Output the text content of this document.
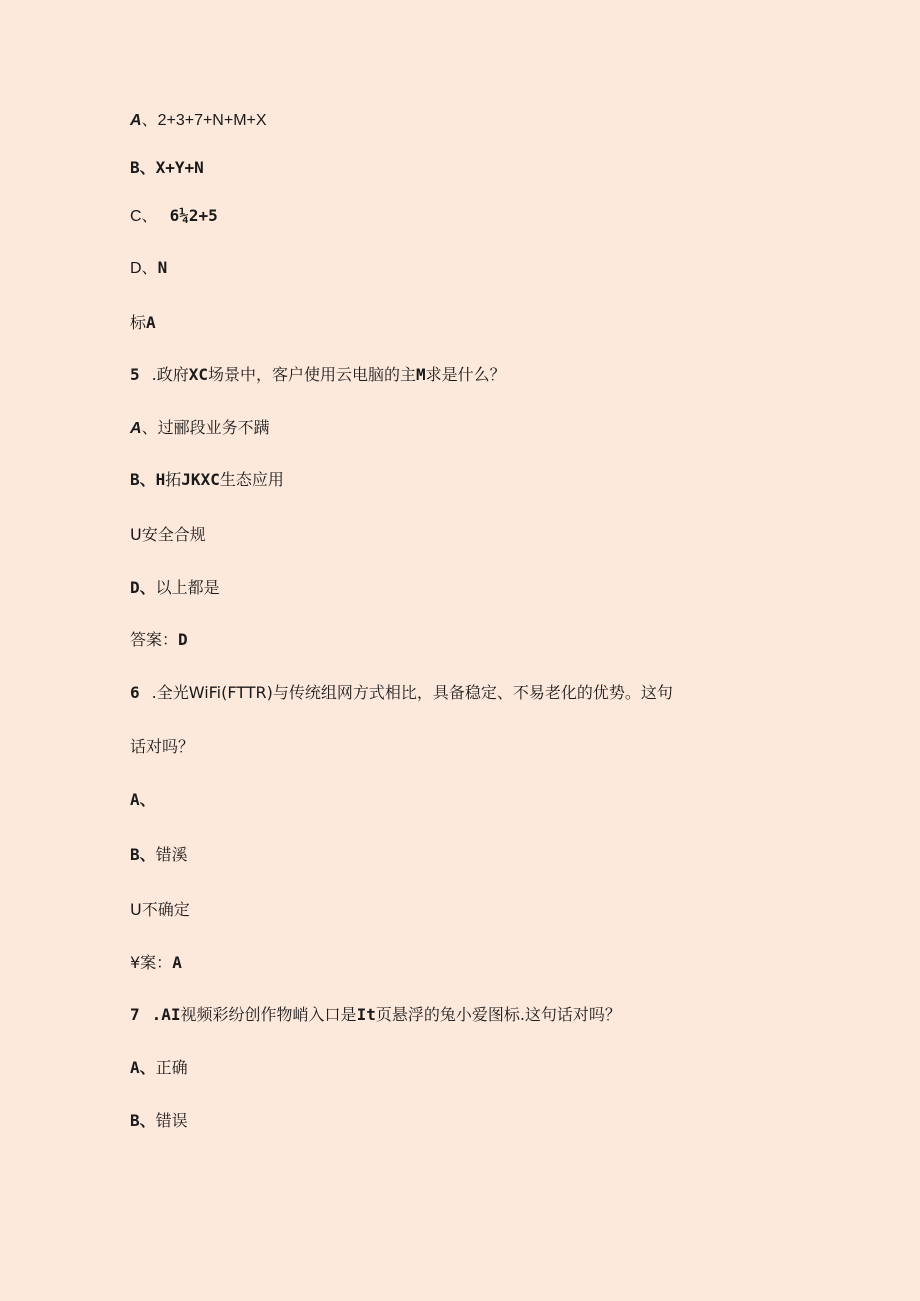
A、2+3+7+N+M+X
B、X+Y+N
C、 6¼2+5
D、N
标A
5 .政府XC场景中，客户使用云电脑的主M求是什么？
A、过郦段业务不蹒
B、H拓JKXC生态应用
U安全合规
D、以上都是
答案：D
6 .全光WiFi(FTTR)与传统组网方式相比，具备稳定、不易老化的优势。这句
话对吗？
A、
B、错溪
U不确定
¥案：A
7 .AI视频彩纷创作物峭入口是It页悬浮的兔小爱图标.这句话对吗？
A、正确
B、错误
